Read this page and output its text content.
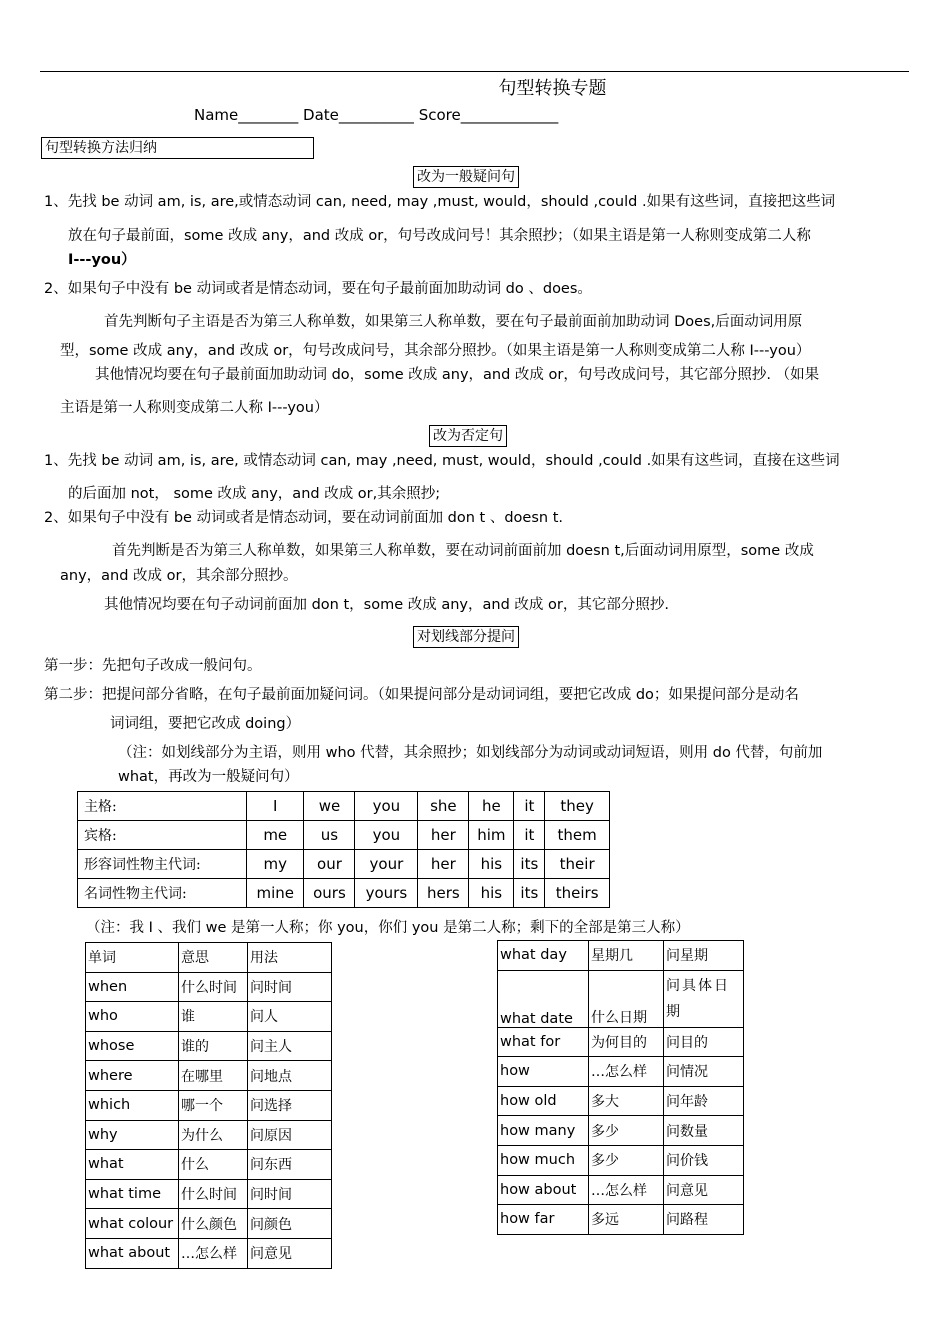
句型转换专题
Name________ Date__________ Score_____________
句型转换方法归纳
改为一般疑问句
1、先找 be 动词 am, is, are,或情态动词 can, need, may ,must, would，should ,could .如果有这些词，直接把这些词
放在句子最前面，some 改成 any，and 改成 or，句号改成问号！其余照抄；（如果主语是第一人称则变成第二人称
I---you）
2、如果句子中没有 be 动词或者是情态动词，要在句子最前面加助动词 do 、does。
首先判断句子主语是否为第三人称单数，如果第三人称单数，要在句子最前面前加助动词 Does,后面动词用原
型，some 改成 any，and 改成 or，句号改成问号，其余部分照抄。（如果主语是第一人称则变成第二人称 I---you）
其他情况均要在句子最前面加助动词 do，some 改成 any，and 改成 or，句号改成问号，其它部分照抄. （如果
主语是第一人称则变成第二人称 I---you）
改为否定句
1、先找 be 动词 am, is, are, 或情态动词 can, may ,need, must, would，should ,could .如果有这些词，直接在这些词
的后面加 not， some 改成 any，and 改成 or,其余照抄;
2、如果句子中没有 be 动词或者是情态动词，要在动词前面加 don t 、doesn t.
首先判断是否为第三人称单数，如果第三人称单数，要在动词前面前加 doesn t,后面动词用原型，some 改成
any，and 改成 or，其余部分照抄。
其他情况均要在句子动词前面加 don t，some 改成 any，and 改成 or，其它部分照抄.
对划线部分提问
第一步：先把句子改成一般问句。
第二步：把提问部分省略，在句子最前面加疑问词。（如果提问部分是动词词组，要把它改成 do；如果提问部分是动名
词词组，要把它改成 doing）
（注：如划线部分为主语，则用 who 代替，其余照抄；如划线部分为动词或动词短语，则用 do 代替，句前加
what，再改为一般疑问句）
主格:	I	we	you	she	he	it	they
宾格:	me	us	you	her	him	it	them
形容词性物主代词:	my	our	your	her	his	its	their
名词性物主代词:	mine	ours	yours	hers	his	its	theirs
（注：我 I 、我们 we 是第一人称；你 you，你们 you 是第二人称；剩下的全部是第三人称）
单词	意思	用法
when	什么时间	问时间
who	谁	问人
whose	谁的	问主人
where	在哪里	问地点
which	哪一个	问选择
why	为什么	问原因
what	什么	问东西
what time	什么时间	问时间
what colour	什么颜色	问颜色
what about	…怎么样	问意见
what day	星期几	问星期
what date	什么日期	问具体日
期
what for	为何目的	问目的
how	…怎么样	问情况
how old	多大	问年龄
how many	多少	问数量
how much	多少	问价钱
how about	…怎么样	问意见
how far	多远	问路程
